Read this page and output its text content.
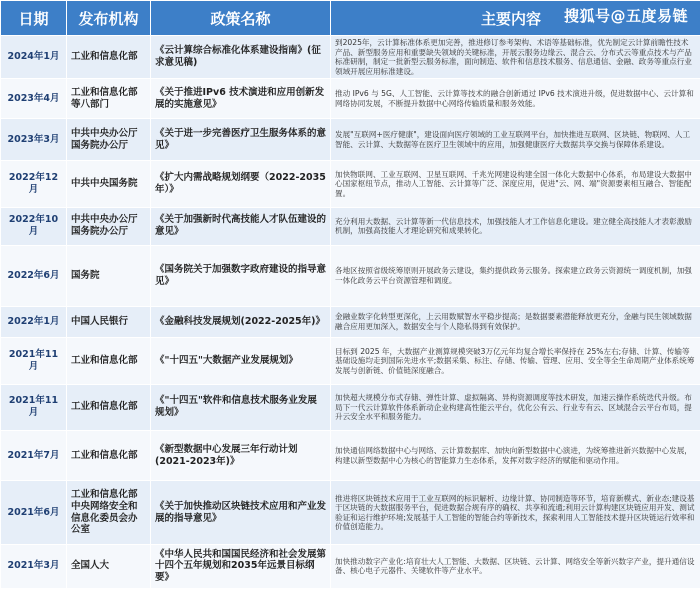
日期	发布机构	政策名称	主要内容
2024年1月	工业和信息化部	《云计算综合标准化体系建设指南》(征求意见稿)	到2025年，云计算标准体系更加完善，推进修订参考架构、术语等基础标准，优先制定云计算前瞻性技术产品、新型服务应用和重要缺失领域的关键标准，开展云服务边缘云、混合云、分布式云等重点技术与产品标准研制，制定一批新型云服务标准，面向制造、软件和信息技术服务、信息通信、金融、政务等重点行业领域开展应用标准建设。
2023年4月	工业和信息化部等八部门	《关于推进IPv6 技术演进和应用创新发展的实施意见》	推动 IPv6 与 5G、人工智能、云计算等技术的融合创新通过 IPv6 技术演进升级，促进数据中心、云计算和网络协同发展，不断提升数据中心网络传输质量和服务效能。
2023年3月	中共中央办公厅国务院办公厅	《关于进一步完善医疗卫生服务体系的意见》	发展"互联网+医疗健康"，建设面向医疗领域的工业互联网平台，加快推进互联网、区块链、物联网、人工智能、云计算、大数据等在医疗卫生领域中的应用，加强健康医疗大数据共享交换与保障体系建设。
2022年12月	中共中央国务院	《扩大内需战略规划纲要（2022-2035年）》	加快物联网、工业互联网、卫星互联网、千兆光网建设构建全国一体化大数据中心体系，布局建设大数据中心国家枢纽节点，推动人工智能、云计算等广泛、深度应用，促进"云、网、端"资源要素相互融合、智能配置。
2022年10月	中共中央办公厅国务院办公厅	《关于加强新时代高技能人才队伍建设的意见》	充分利用大数据、云计算等新一代信息技术，加强技能人才工作信息化建设。建立健全高技能人才表彰激励机制，加强高技能人才理论研究和成果转化。
2022年6月	国务院	《国务院关于加强数字政府建设的指导意见》	各地区按照省级统筹原则开展政务云建设，集约提供政务云服务。探索建立政务云资源统一调度机制，加强一体化政务云平台资源管理和调度。
2022年1月	中国人民银行	《金融科技发展规划(2022-2025年)》	金融业数字化转型更深化，上云用数赋智水平稳步提高；是数据要素潜能释放更充分，金融与民生领域数据融合应用更加深入，数据安全与个人隐私得到有效保护。
2021年11月	工业和信息化部	《"十四五"大数据产业发展规划》	目标到 2025 年，大数据产业测算规模突破3万亿元年均复合增长率保持在 25%左右;存储、计算、传输等基础设施均走到国际先进水平;数据采集、标注、存储、传输、管理、应用、安全等全生命周期产业体系统筹发展与创新链、价值链深度融合。
2021年11月	工业和信息化部	《"十四五"软件和信息技术服务业发展规划》	加快超大规模分布式存储、弹性计算、虚拟隔离、异构资源调度等技术研发，加速云操作系统迭代升级。布局下一代云计算软件体系新动企业构建高性能云平台，优化公有云、行业专有云、区域混合云平台布局，提升云安全水平和服务能力。
2021年7月	工业和信息化部	《新型数据中心发展三年行动计划(2021-2023年)》	加快通信网络数据中心与网络、云计算数据库、加快向新型数据中心演进，为统筹推进新兴数据中心发展，构建以新型数据中心为核心的智能算力生态体系，发挥对数字经济的赋能和驱动作用。
2021年6月	工业和信息化部中央网络安全和信息化委员会办公室	《关于加快推动区块链技术应用和产业发展的指导意见》	推进将区块链技术应用于工业互联网的标识解析、边缘计算、协同制造等环节，培育新模式、新业态;建设基于区块链的大数据服务平台，促进数据合规有序的确权、共享和流通;利用云计算构建区块链应用开发、测试验证和运行维护环境;发展基于人工智能的智能合约等新技术，探索利用人工智能技术提升区块链运行效率和价值创造能力。
2021年3月	全国人大	《中华人民共和国国民经济和社会发展第十四个五年规划和2035年远景目标纲要》	加快推动数字产业化:培育壮大人工智能、大数据、区块链、云计算、网络安全等新兴数字产业，提升通信设备、核心电子元器件、关键软件等产业水平。
搜狐号@五度易链
